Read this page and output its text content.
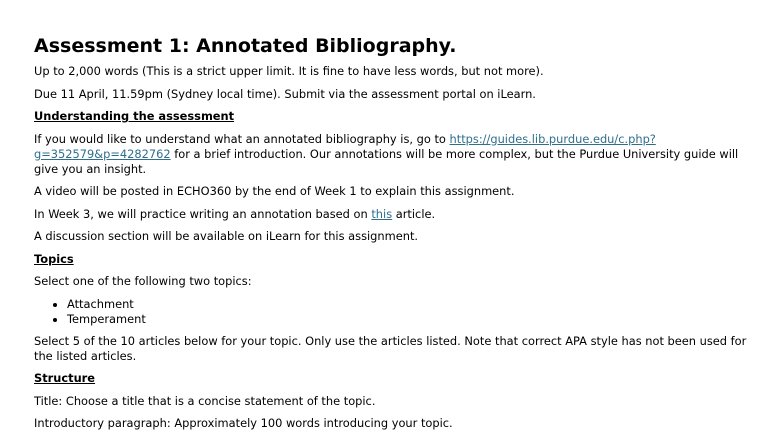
Assessment 1: Annotated Bibliography.

Up to 2,000 words (This is a strict upper limit. It is fine to have less words, but not more).

Due 11 April, 11.59pm (Sydney local time). Submit via the assessment portal on iLearn.

Understanding the assessment

If you would like to understand what an annotated bibliography is, go to https://guides.lib.purdue.edu/c.php?
g=352579&p=4282762 for a brief introduction. Our annotations will be more complex, but the Purdue University guide will give you an insight.

A video will be posted in ECHO360 by the end of Week 1 to explain this assignment.

In Week 3, we will practice writing an annotation based on this article.

A discussion section will be available on iLearn for this assignment.

Topics

Select one of the following two topics:

• Attachment
• Temperament

Select 5 of the 10 articles below for your topic. Only use the articles listed. Note that correct APA style has not been used for the listed articles.

Structure

Title: Choose a title that is a concise statement of the topic.

Introductory paragraph: Approximately 100 words introducing your topic.
